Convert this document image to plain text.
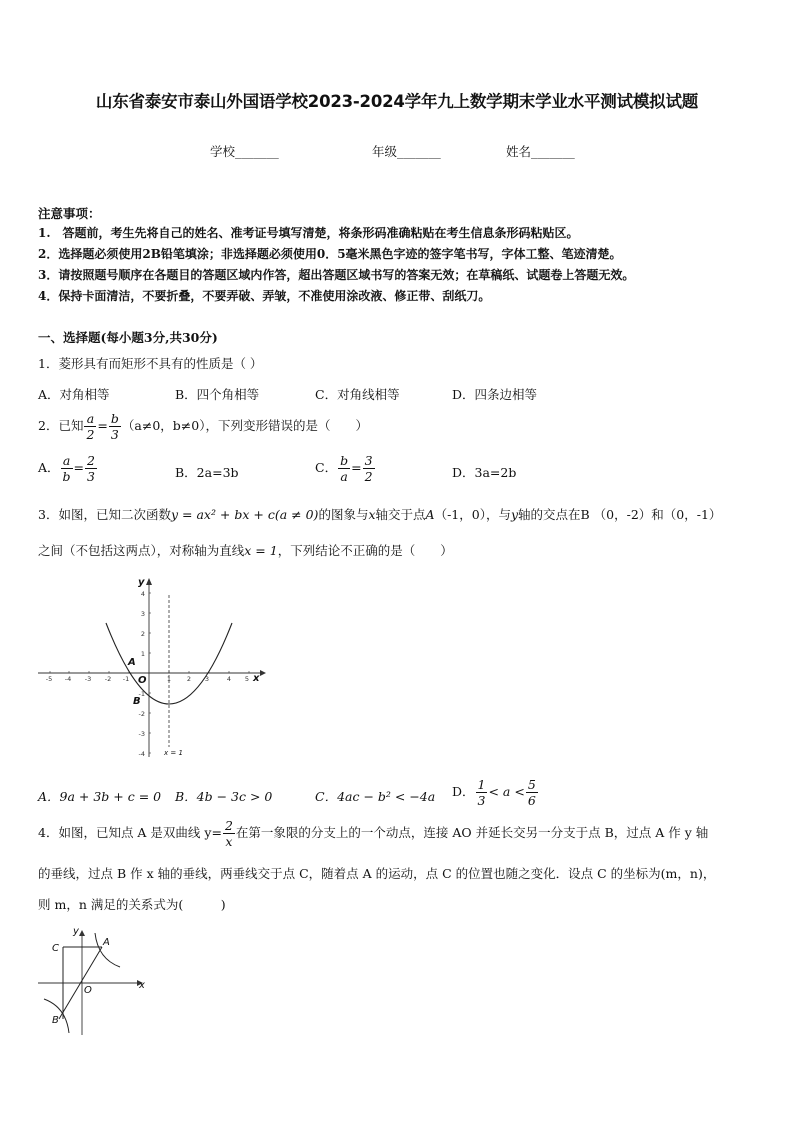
山东省泰安市泰山外国语学校2023-2024学年九上数学期末学业水平测试模拟试题
学校_______	年级_______	姓名_______
注意事项：
1.　答题前，考生先将自己的姓名、准考证号填写清楚，将条形码准确粘贴在考生信息条形码粘贴区。
2．选择题必须使用2B铅笔填涂；非选择题必须使用0．5毫米黑色字迹的签字笔书写，字体工整、笔迹清楚。
3．请按照题号顺序在各题目的答题区域内作答，超出答题区域书写的答案无效；在草稿纸、试题卷上答题无效。
4．保持卡面清洁，不要折叠，不要弄破、弄皱，不准使用涂改液、修正带、刮纸刀。
一、选择题(每小题3分,共30分)
1．菱形具有而矩形不具有的性质是（ ）
A．对角相等	B．四个角相等	C．对角线相等	D．四条边相等
2．已知 $\frac{a}{2} = \frac{b}{3} (a\ne 0$，b≠0），下列变形错误的是（　　）
A． $\frac{a}{b} = \frac{2}{3}$	B．2a=3b	C． $\frac{b}{a} = \frac{3}{2}$	D．3a=2b
3．如图，已知二次函数y = ax² + bx + c(a ≠ 0)的图象与x轴交于点A（-1，0），与y轴的交点在B （0，-2）和（0，-1）
之间（不包括这两点），对称轴为直线x = 1，下列结论不正确的是（　　）
-5 -4 -3 -2 -1	1 2 3	4 5
4
3
2
1
-1
-2
-3
-4	x = 1
A
O
B
x
y
A．9a + 3b + c = 0 B．4b − 3c > 0	C．4ac − b² < −4a D． $\frac{1}{3} < a < \frac{5}{6}$
4．如图，已知点 A 是双曲线 $y= \frac{2}{x}$ 在第一象限的分支上的一个动点，连接 AO 并延长交另一分支于点 B，过点 A 作 y 轴
的垂线，过点 B 作 x 轴的垂线，两垂线交于点 C，随着点 A 的运动，点 C 的位置也随之变化．设点 C 的坐标为(m，n)，
则 m，n 满足的关系式为(　　　)
C
A
O
B
x
y
